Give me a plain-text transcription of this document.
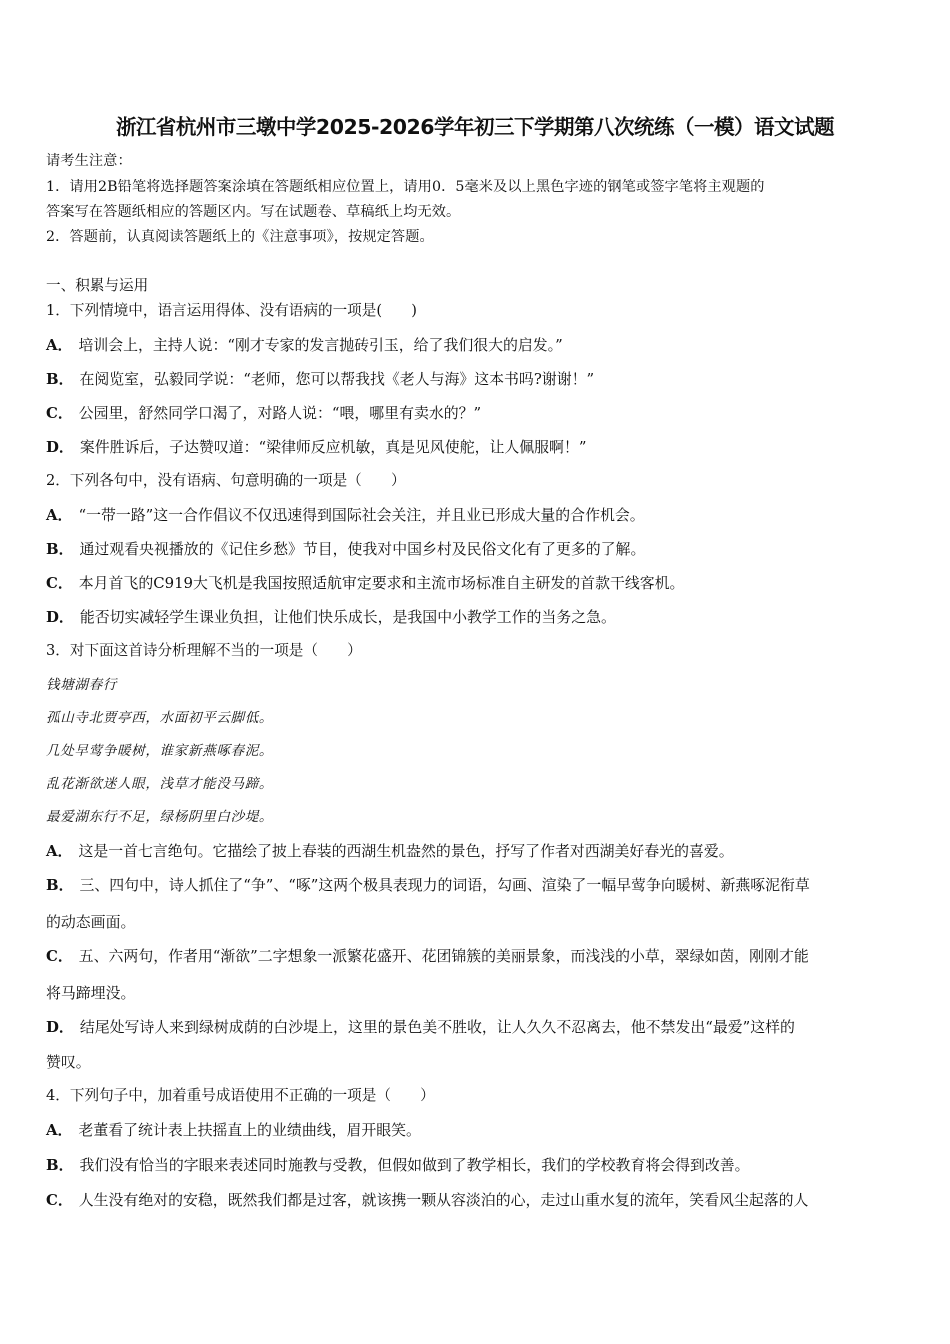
浙江省杭州市三墩中学2025-2026学年初三下学期第八次统练（一模）语文试题
请考生注意：
1．请用2B铅笔将选择题答案涂填在答题纸相应位置上，请用0．5毫米及以上黑色字迹的钢笔或签字笔将主观题的
答案写在答题纸相应的答题区内。写在试题卷、草稿纸上均无效。
2．答题前，认真阅读答题纸上的《注意事项》，按规定答题。
一、积累与运用
1．下列情境中，语言运用得体、没有语病的一项是(　　)
A． 培训会上，主持人说：“刚才专家的发言抛砖引玉，给了我们很大的启发。”
B． 在阅览室，弘毅同学说：“老师，您可以帮我找《老人与海》这本书吗?谢谢！”
C． 公园里，舒然同学口渴了，对路人说：“喂，哪里有卖水的？”
D． 案件胜诉后，子达赞叹道：“梁律师反应机敏，真是见风使舵，让人佩服啊！”
2．下列各句中，没有语病、句意明确的一项是（　　）
A． “一带一路”这一合作倡议不仅迅速得到国际社会关注，并且业已形成大量的合作机会。
B． 通过观看央视播放的《记住乡愁》节目，使我对中国乡村及民俗文化有了更多的了解。
C． 本月首飞的C919大飞机是我国按照适航审定要求和主流市场标准自主研发的首款干线客机。
D． 能否切实减轻学生课业负担，让他们快乐成长，是我国中小教学工作的当务之急。
3．对下面这首诗分析理解不当的一项是（　　）
钱塘湖春行
孤山寺北贾亭西，水面初平云脚低。
几处早莺争暖树，谁家新燕啄春泥。
乱花渐欲迷人眼，浅草才能没马蹄。
最爱湖东行不足，绿杨阴里白沙堤。
A． 这是一首七言绝句。它描绘了披上春装的西湖生机盎然的景色，抒写了作者对西湖美好春光的喜爱。
B． 三、四句中，诗人抓住了“争”、“啄”这两个极具表现力的词语，勾画、渲染了一幅早莺争向暖树、新燕啄泥衔草
的动态画面。
C． 五、六两句，作者用“渐欲”二字想象一派繁花盛开、花团锦簇的美丽景象，而浅浅的小草，翠绿如茵，刚刚才能
将马蹄埋没。
D． 结尾处写诗人来到绿树成荫的白沙堤上，这里的景色美不胜收，让人久久不忍离去，他不禁发出“最爱”这样的
赞叹。
4．下列句子中，加着重号成语使用不正确的一项是（　　）
A． 老董看了统计表上扶摇直上的业绩曲线，眉开眼笑。
B． 我们没有恰当的字眼来表述同时施教与受教，但假如做到了教学相长，我们的学校教育将会得到改善。
C． 人生没有绝对的安稳，既然我们都是过客，就该携一颗从容淡泊的心，走过山重水复的流年，笑看风尘起落的人
